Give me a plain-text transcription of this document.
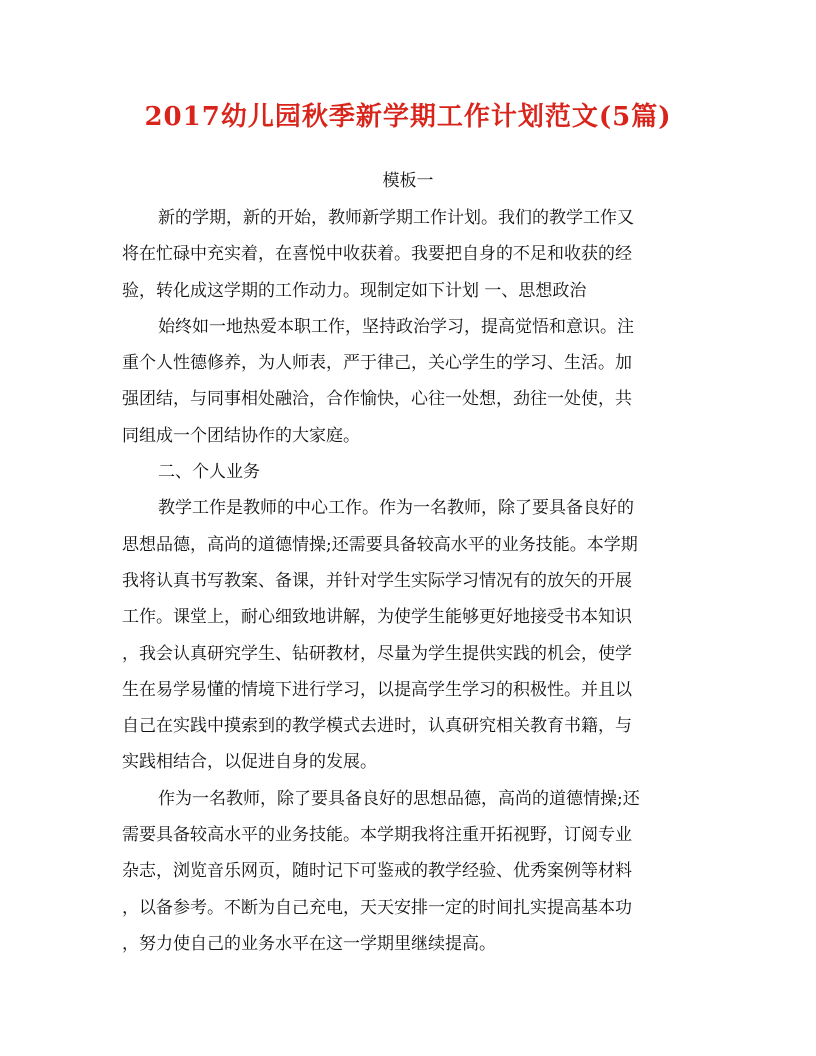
2017幼儿园秋季新学期工作计划范文(5篇)
模板一

新的学期，新的开始，教师新学期工作计划。我们的教学工作又
将在忙碌中充实着，在喜悦中收获着。我要把自身的不足和收获的经
验，转化成这学期的工作动力。现制定如下计划 一、思想政治

始终如一地热爱本职工作，坚持政治学习，提高觉悟和意识。注
重个人性德修养，为人师表，严于律己，关心学生的学习、生活。加
强团结，与同事相处融洽，合作愉快，心往一处想，劲往一处使，共
同组成一个团结协作的大家庭。

二、个人业务

教学工作是教师的中心工作。作为一名教师，除了要具备良好的
思想品德，高尚的道德情操;还需要具备较高水平的业务技能。本学期
我将认真书写教案、备课，并针对学生实际学习情况有的放矢的开展
工作。课堂上，耐心细致地讲解，为使学生能够更好地接受书本知识
，我会认真研究学生、钻研教材，尽量为学生提供实践的机会，使学
生在易学易懂的情境下进行学习，以提高学生学习的积极性。并且以
自己在实践中摸索到的教学模式去进时，认真研究相关教育书籍，与
实践相结合，以促进自身的发展。

作为一名教师，除了要具备良好的思想品德，高尚的道德情操;还
需要具备较高水平的业务技能。本学期我将注重开拓视野，订阅专业
杂志，浏览音乐网页，随时记下可鉴戒的教学经验、优秀案例等材料
，以备参考。不断为自己充电，天天安排一定的时间扎实提高基本功
，努力使自己的业务水平在这一学期里继续提高。
